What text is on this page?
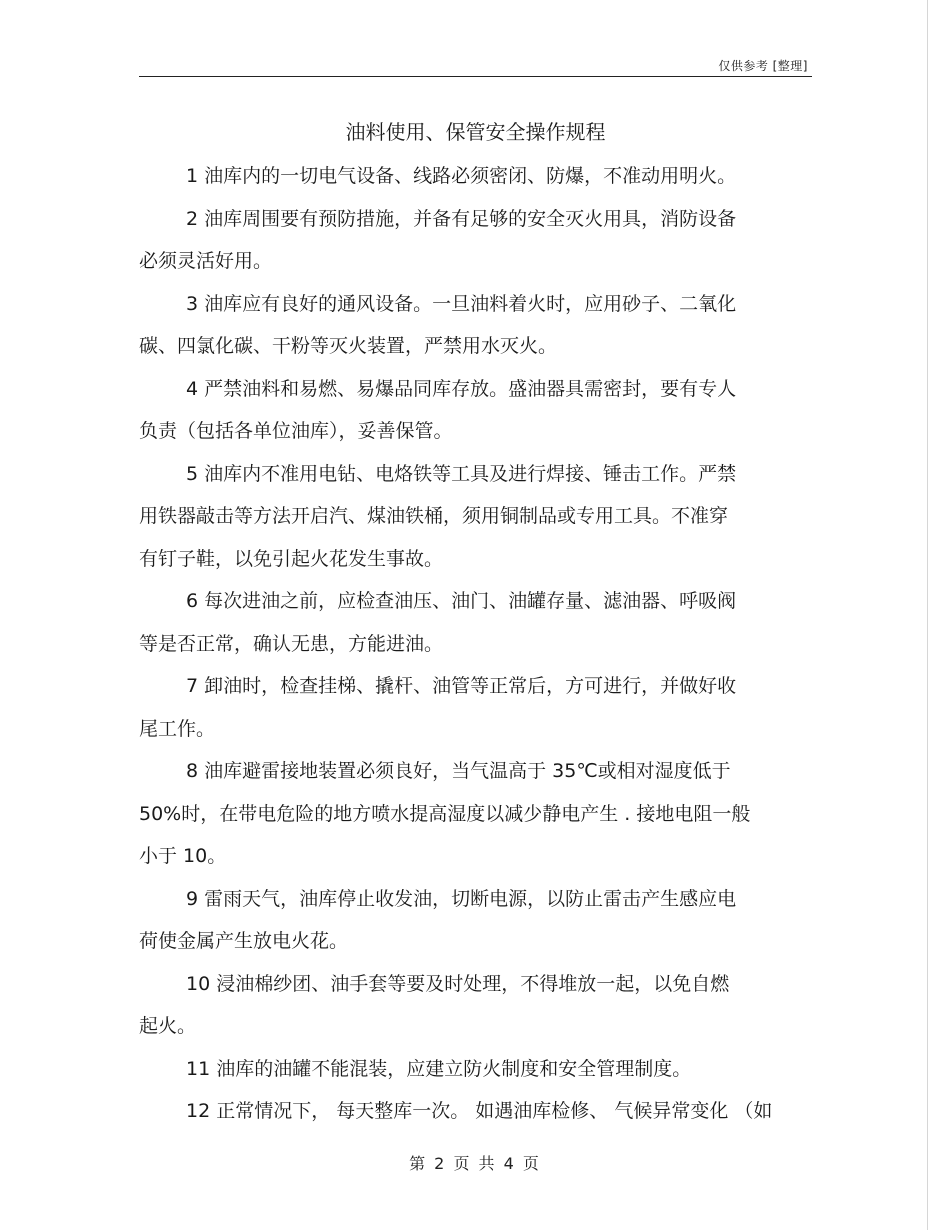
仅供参考 [整理]
油料使用、保管安全操作规程

1 油库内的一切电气设备、线路必须密闭、防爆，不准动用明火。

2 油库周围要有预防措施，并备有足够的安全灭火用具，消防设备
必须灵活好用。

3 油库应有良好的通风设备。一旦油料着火时，应用砂子、二氧化
碳、四氯化碳、干粉等灭火装置，严禁用水灭火。

4 严禁油料和易燃、易爆品同库存放。盛油器具需密封，要有专人
负责（包括各单位油库），妥善保管。

5 油库内不准用电钻、电烙铁等工具及进行焊接、锤击工作。严禁
用铁器敲击等方法开启汽、煤油铁桶，须用铜制品或专用工具。不准穿
有钉子鞋，以免引起火花发生事故。

6 每次进油之前，应检查油压、油门、油罐存量、滤油器、呼吸阀
等是否正常，确认无患，方能进油。

7 卸油时，检查挂梯、撬杆、油管等正常后，方可进行，并做好收
尾工作。

8 油库避雷接地装置必须良好，当气温高于 35℃或相对湿度低于
50%时，在带电危险的地方喷水提高湿度以减少静电产生 . 接地电阻一般
小于 10。

9 雷雨天气，油库停止收发油，切断电源，以防止雷击产生感应电
荷使金属产生放电火花。

10 浸油棉纱团、油手套等要及时处理，不得堆放一起，以免自燃
起火。

11 油库的油罐不能混装，应建立防火制度和安全管理制度。

12 正常情况下， 每天整库一次。 如遇油库检修、 气候异常变化 （如

第 2 页 共 4 页
